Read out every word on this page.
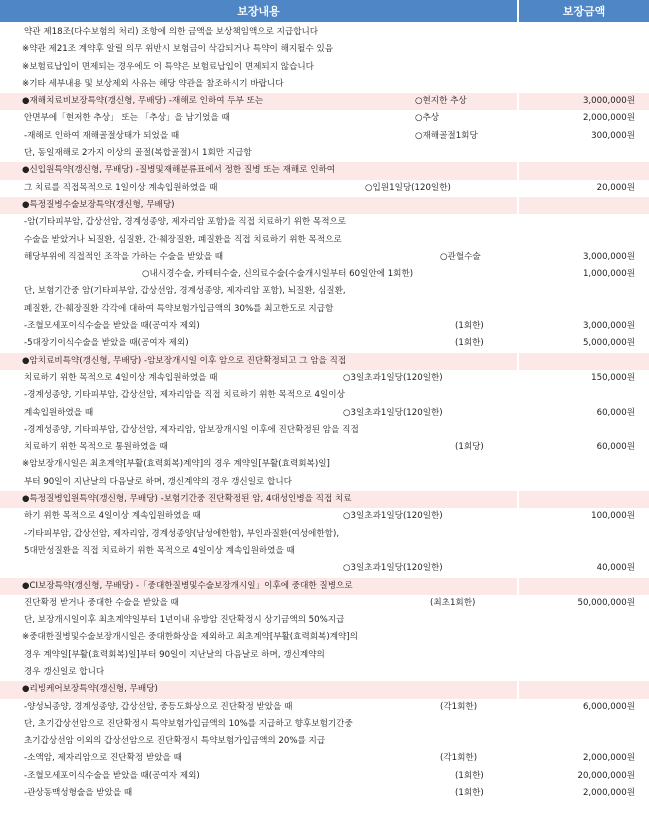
보장내용	보장금액
약관 제18조(다수보험의 처리) 조항에 의한 금액을 보상책임액으로 지급합니다
※약관 제21조 계약후 알릴 의무 위반시 보험금이 삭감되거나 특약이 해지될수 있음
※보험료납입이 면제되는 경우에도 이 특약은 보험료납입이 면제되지 않습니다
※기타 세부내용 및 보상제외 사유는 해당 약관을 참조하시기 바랍니다
●재해치료비보장특약(갱신형, 무배당) -재해로 인하여 두부 또는	○현지한 추상	3,000,000원
안면부에「현저한 추상」 또는 「추상」을 남기었을 때	○추상	2,000,000원
-재해로 인하여 재해골절상태가 되었을 때	○재해골절1회당	300,000원
단, 동일재해로 2가지 이상의 골절(복합골절)시 1회만 지급함
●신입원특약(갱신형, 무배당) -질병및재해분류표에서 정한 질병 또는 재해로 인하여
그 치료를 직접목적으로 1일이상 계속입원하였을 때	○입원1일당(120일한)	20,000원
●특정질병수술보장특약(갱신형, 무배당)
-암(기타피부암, 갑상선암, 경계성종양, 제자리암 포함)을 직접 치료하기 위한 목적으로
수술을 받았거나 뇌질환, 심질환, 간·췌장질환, 폐질환을 직접 치료하기 위한 목적으로
해당부위에 직접적인 조작을 가하는 수술을 받았을 때	○관혈수술	3,000,000원
○내시경수술, 카테터수술, 신의료수술(수술개시일부터 60일안에 1회한)	1,000,000원
단, 보험기간중 암(기타피부암, 갑상선암, 경계성종양, 제자리암 포함), 뇌질환, 심질환,
폐질환, 간·췌장질환 각각에 대하여 특약보험가입금액의 30%를 최고한도로 지급함
-조혈모세포이식수술을 받았을 때(공여자 제외)	(1회한)	3,000,000원
-5대장기이식수술을 받았을 때(공여자 제외)	(1회한)	5,000,000원
●암치료비특약(갱신형, 무배당) -암보장개시일 이후 암으로 진단확정되고 그 암을 직접
치료하기 위한 목적으로 4일이상 계속입원하였을 때	○3일초과1일당(120일한)	150,000원
-경계성종양, 기타피부암, 갑상선암, 제자리암을 직접 치료하기 위한 목적으로 4일이상
계속입원하였을 때	○3일초과1일당(120일한)	60,000원
-경계성종양, 기타피부암, 갑상선암, 제자리암, 암보장개시일 이후에 진단확정된 암을 직접
치료하기 위한 목적으로 통원하였을 때	(1회당)	60,000원
※암보장개시일은 최초계약[부활(효력회복)계약]의 경우 계약일[부활(효력회복)일]
부터 90일이 지난날의 다음날로 하며, 갱신계약의 경우 갱신일로 합니다
●특정질병입원특약(갱신형, 무배당) -보험기간중 진단확정된 암, 4대성인병을 직접 치료
하기 위한 목적으로 4일이상 계속입원하였을 때	○3일초과1일당(120일한)	100,000원
-기타피부암, 갑상선암, 제자리암, 경계성종양(남성에한함), 부인과질환(여성에한함),
5대만성질환을 직접 치료하기 위한 목적으로 4일이상 계속입원하였을 때
○3일초과1일당(120일한)	40,000원
●CI보장특약(갱신형, 무배당) -「중대한질병및수술보장개시일」이후에 중대한 질병으로
진단확정 받거나 중대한 수술을 받았을 때	(최초1회한)	50,000,000원
단, 보장개시일이후 최초계약일부터 1년이내 유방암 진단확정시 상기금액의 50%지급
※중대한질병및수술보장개시일은 중대한화상을 제외하고 최초계약[부활(효력회복)계약]의
경우 계약일[부활(효력회복)일]부터 90일이 지난날의 다음날로 하며, 갱신계약의
경우 갱신일로 합니다
●리빙케어보장특약(갱신형, 무배당)
-양성뇌종양, 경계성종양, 갑상선암, 중등도화상으로 진단확정 받았을 때	(각1회한)	6,000,000원
단, 초기갑상선암으로 진단확정시 특약보험가입금액의 10%를 지급하고 향후보험기간중
초기갑상선암 이외의 갑상선암으로 진단확정시 특약보험가입금액의 20%를 지급
-소액암, 제자리암으로 진단확정 받았을 때	(각1회한)	2,000,000원
-조혈모세포이식수술을 받았을 때(공여자 제외)	(1회한)	20,000,000원
-관상동맥성형술을 받았을 때	(1회한)	2,000,000원
